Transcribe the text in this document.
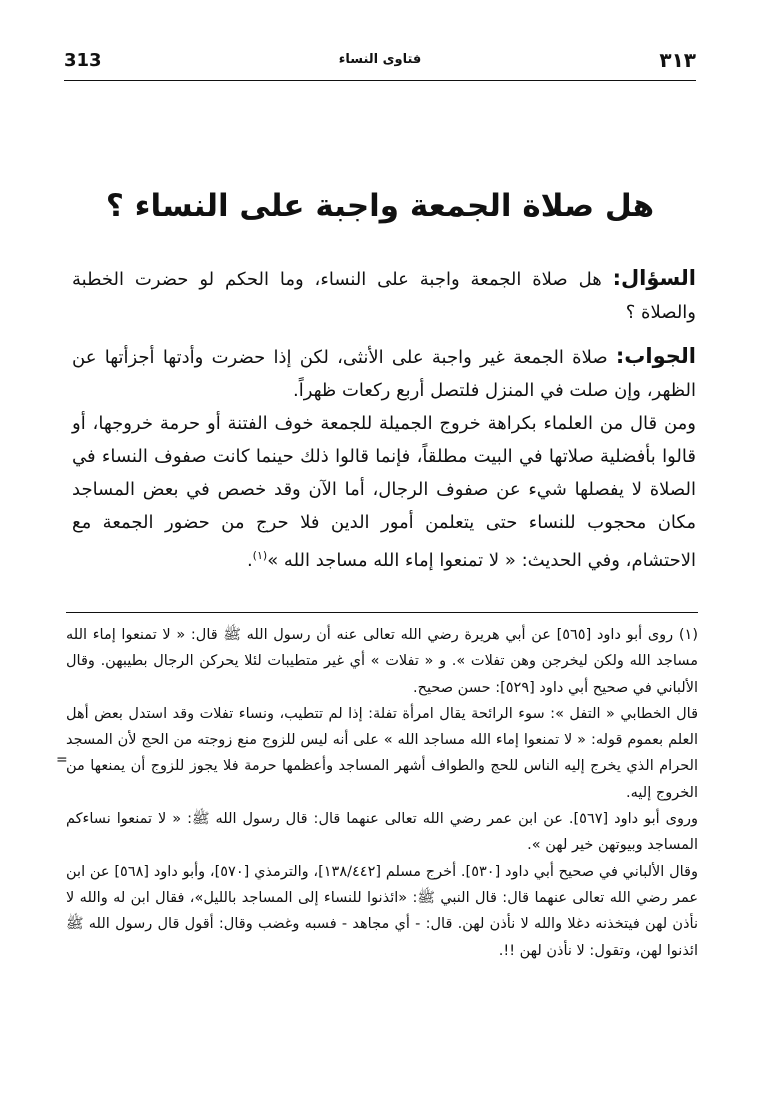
313	فتاوى النساء	٣١٣
هل صلاة الجمعة واجبة على النساء ؟
السؤال: هل صلاة الجمعة واجبة على النساء، وما الحكم لو حضرت الخطبة والصلاة ؟
الجواب: صلاة الجمعة غير واجبة على الأنثى، لكن إذا حضرت وأدتها أجزأتها عن الظهر، وإن صلت في المنزل فلتصل أربع ركعات ظهراً.
ومن قال من العلماء بكراهة خروج الجميلة للجمعة خوف الفتنة أو حرمة خروجها، أو قالوا بأفضلية صلاتها في البيت مطلقاً، فإنما قالوا ذلك حينما كانت صفوف النساء في الصلاة لا يفصلها شيء عن صفوف الرجال، أما الآن وقد خصص في بعض المساجد مكان محجوب للنساء حتى يتعلمن أمور الدين فلا حرج من حضور الجمعة مع الاحتشام، وفي الحديث: « لا تمنعوا إماء الله مساجد الله »$^{(١)}$.

(١) روى أبو داود [٥٦٥] عن أبي هريرة رضي الله تعالى عنه أن رسول الله ﷺ قال: « لا تمنعوا إماء الله مساجد الله ولكن ليخرجن وهن تفلات ». و « تفلات » أي غير متطيبات لئلا يحركن الرجال بطيبهن. وقال الألباني في صحيح أبي داود [٥٢٩]: حسن صحيح.

قال الخطابي « التفل »: سوء الرائحة يقال امرأة تفلة: إذا لم تتطيب، ونساء تفلات وقد استدل بعض أهل العلم بعموم قوله: « لا تمنعوا إماء الله مساجد الله » على أنه ليس للزوج منع زوجته من الحج لأن المسجد الحرام الذي يخرج إليه الناس للحج والطواف أشهر المساجد وأعظمها حرمة فلا يجوز للزوج أن يمنعها من الخروج إليه.

وروى أبو داود [٥٦٧]. عن ابن عمر رضي الله تعالى عنهما قال: قال رسول الله ﷺ: « لا تمنعوا نساءكم المساجد وبيوتهن خير لهن ».

وقال الألباني في صحيح أبي داود [٥٣٠]. أخرج مسلم [١٣٨/٤٤٢]، والترمذي [٥٧٠]، وأبو داود [٥٦٨] عن ابن عمر رضي الله تعالى عنهما قال: قال النبي ﷺ: «ائذنوا للنساء إلى المساجد بالليل»، فقال ابن له والله لا نأذن لهن فيتخذنه دغلا والله لا نأذن لهن. قال: - أي مجاهد - فسبه وغضب وقال: أقول قال رسول الله ﷺ ائذنوا لهن، وتقول: لا نأذن لهن !!.

=
